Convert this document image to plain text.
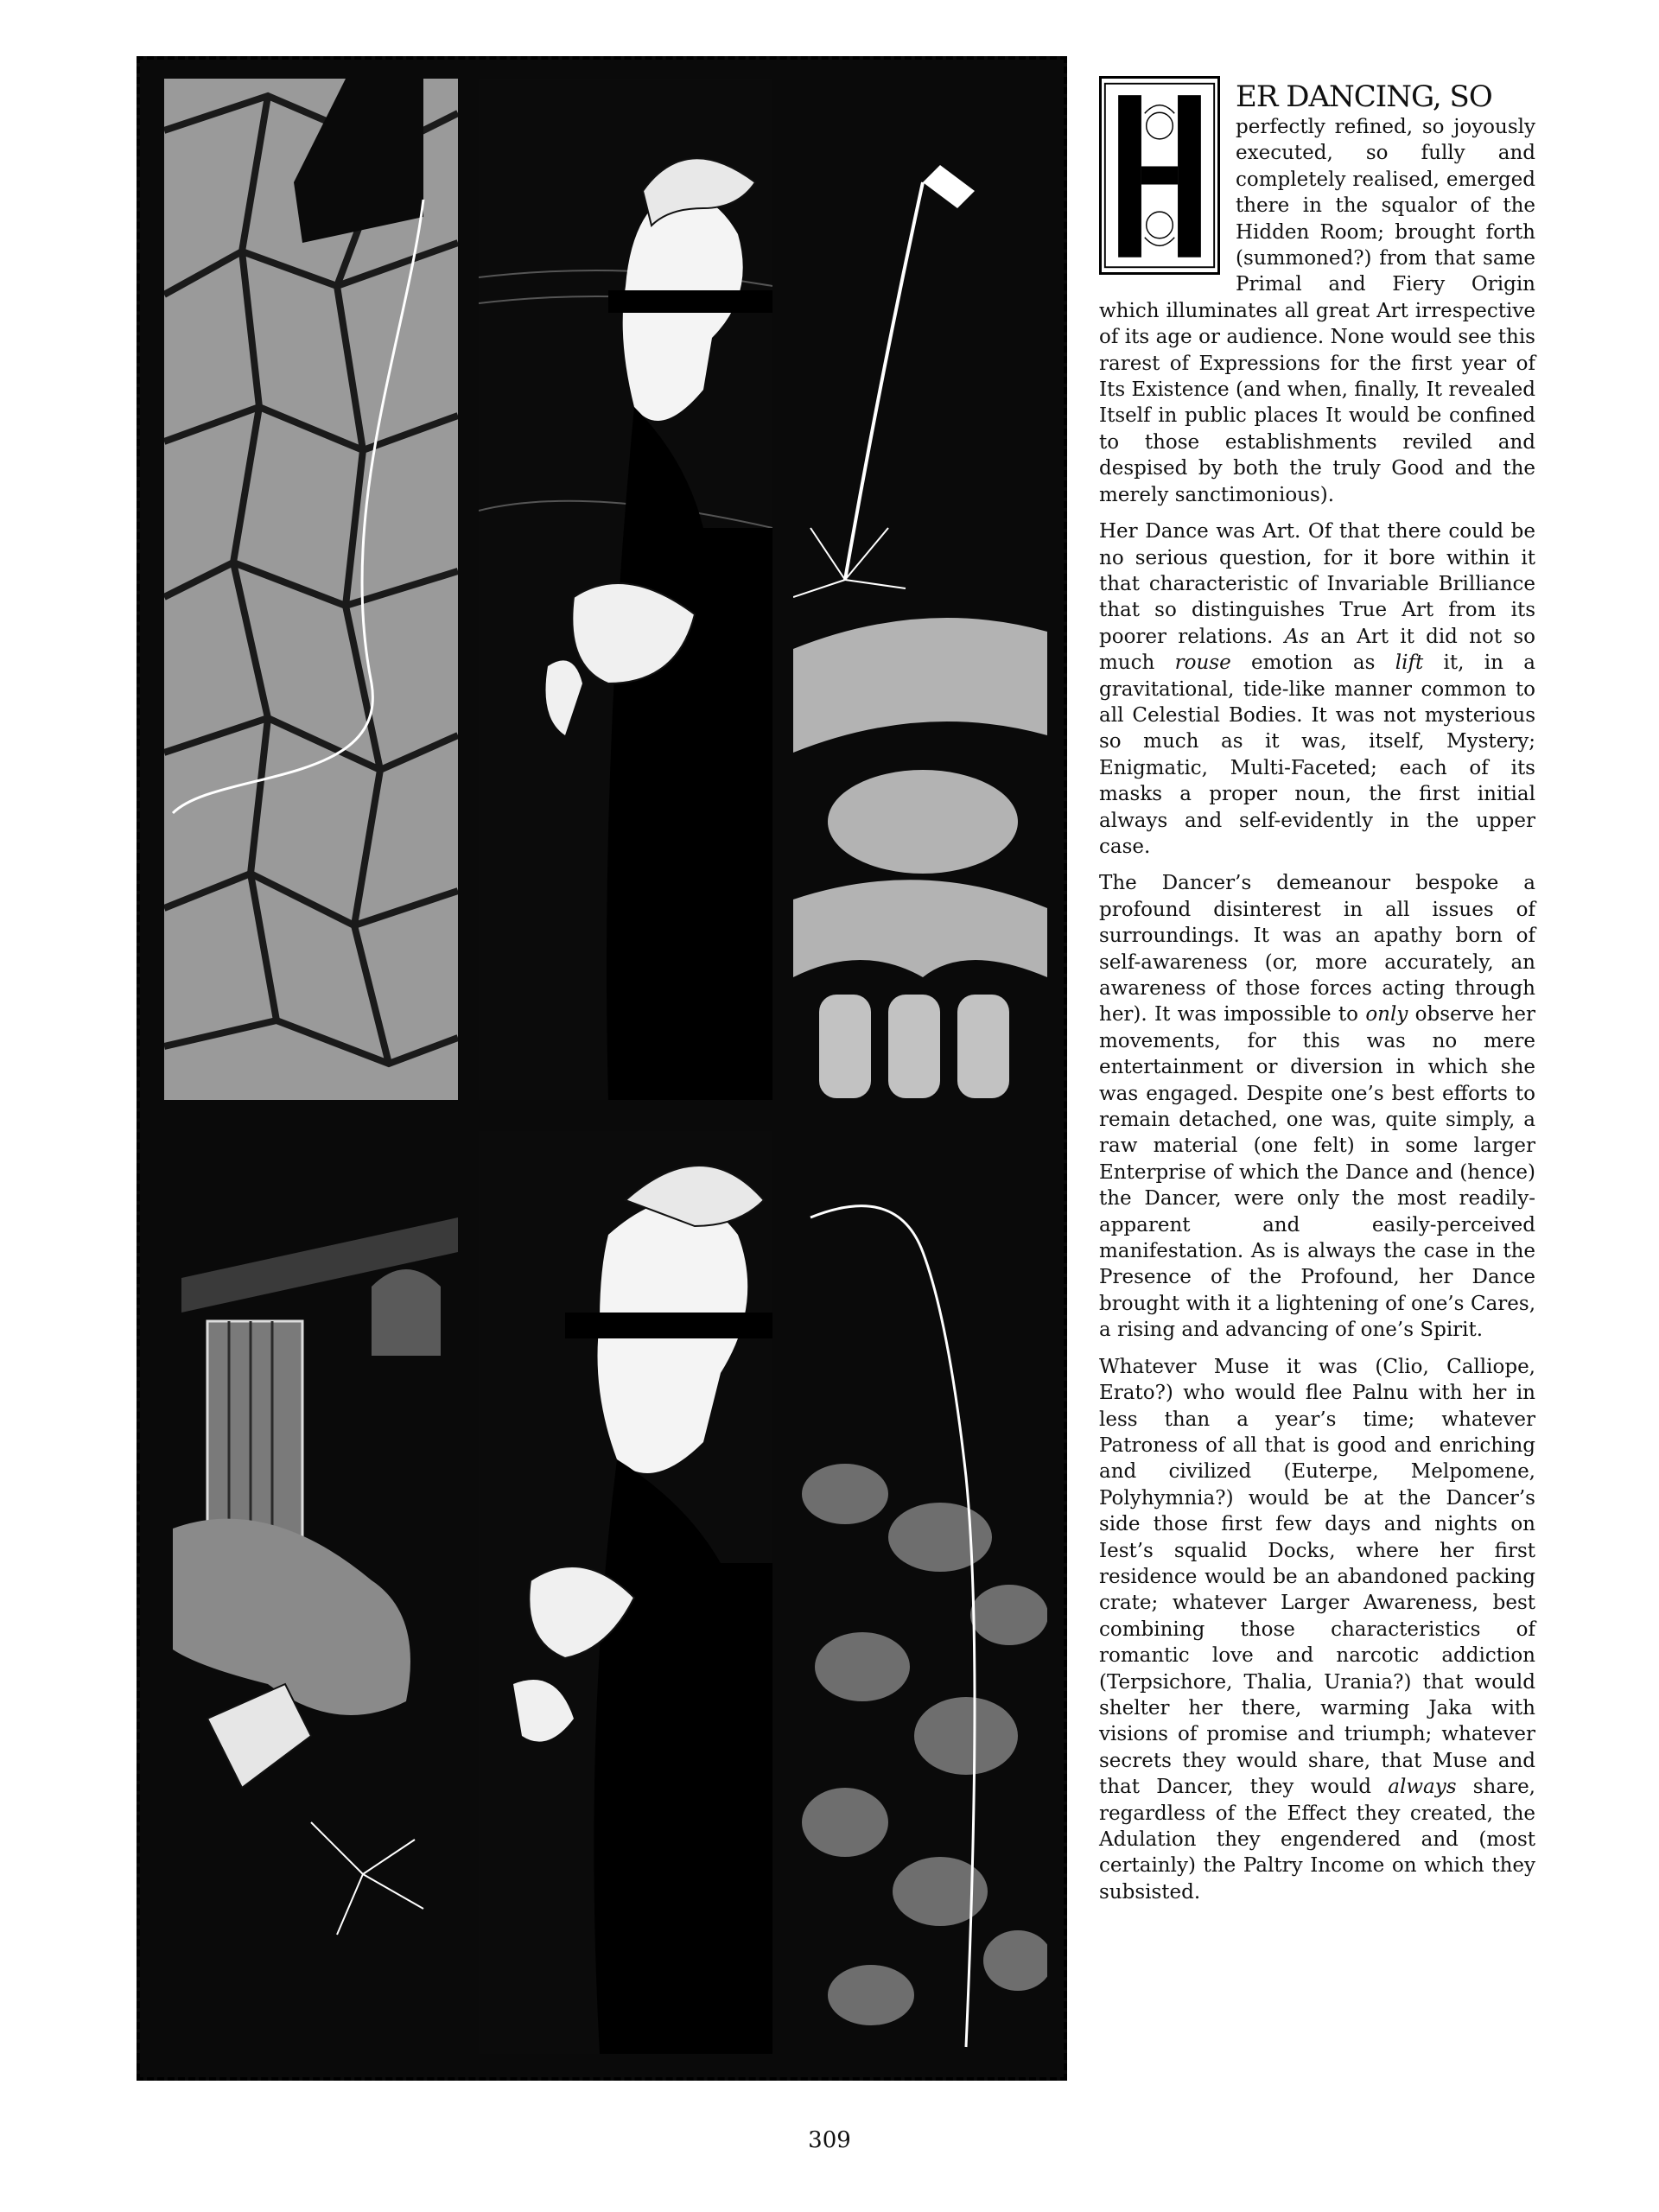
ER DANCING, SO

perfectly refined, so joyously executed, so fully and completely realised, emerged there in the squalor of the Hidden Room; brought forth (summoned?) from that same Primal and Fiery Origin which illuminates all great Art irrespective of its age or audience. None would see this rarest of Expressions for the first year of Its Existence (and when, finally, It revealed Itself in public places It would be confined to those establishments reviled and despised by both the truly Good and the merely sanctimonious).

Her Dance was Art. Of that there could be no serious question, for it bore within it that characteristic of Invariable Brilliance that so distinguishes True Art from its poorer relations. As an Art it did not so much rouse emotion as lift it, in a gravitational, tide-like manner common to all Celestial Bodies. It was not mysterious so much as it was, itself, Mystery; Enigmatic, Multi-Faceted; each of its masks a proper noun, the first initial always and self-evidently in the upper case.

The Dancer’s demeanour bespoke a profound disinterest in all issues of surroundings. It was an apathy born of self-awareness (or, more accurately, an awareness of those forces acting through her). It was impossible to only observe her movements, for this was no mere entertainment or diversion in which she was engaged. Despite one’s best efforts to remain detached, one was, quite simply, a raw material (one felt) in some larger Enterprise of which the Dance and (hence) the Dancer, were only the most readily-apparent and easily-perceived manifestation. As is always the case in the Presence of the Profound, her Dance brought with it a lightening of one’s Cares, a rising and advancing of one’s Spirit.

Whatever Muse it was (Clio, Calliope, Erato?) who would flee Palnu with her in less than a year’s time; whatever Patroness of all that is good and enriching and civilized (Euterpe, Melpomene, Polyhymnia?) would be at the Dancer’s side those first few days and nights on Iest’s squalid Docks, where her first residence would be an abandoned packing crate; whatever Larger Awareness, best combining those characteristics of romantic love and narcotic addiction (Terpsichore, Thalia, Urania?) that would shelter her there, warming Jaka with visions of promise and triumph; whatever secrets they would share, that Muse and that Dancer, they would always share, regardless of the Effect they created, the Adulation they engendered and (most certainly) the Paltry Income on which they subsisted.

309
